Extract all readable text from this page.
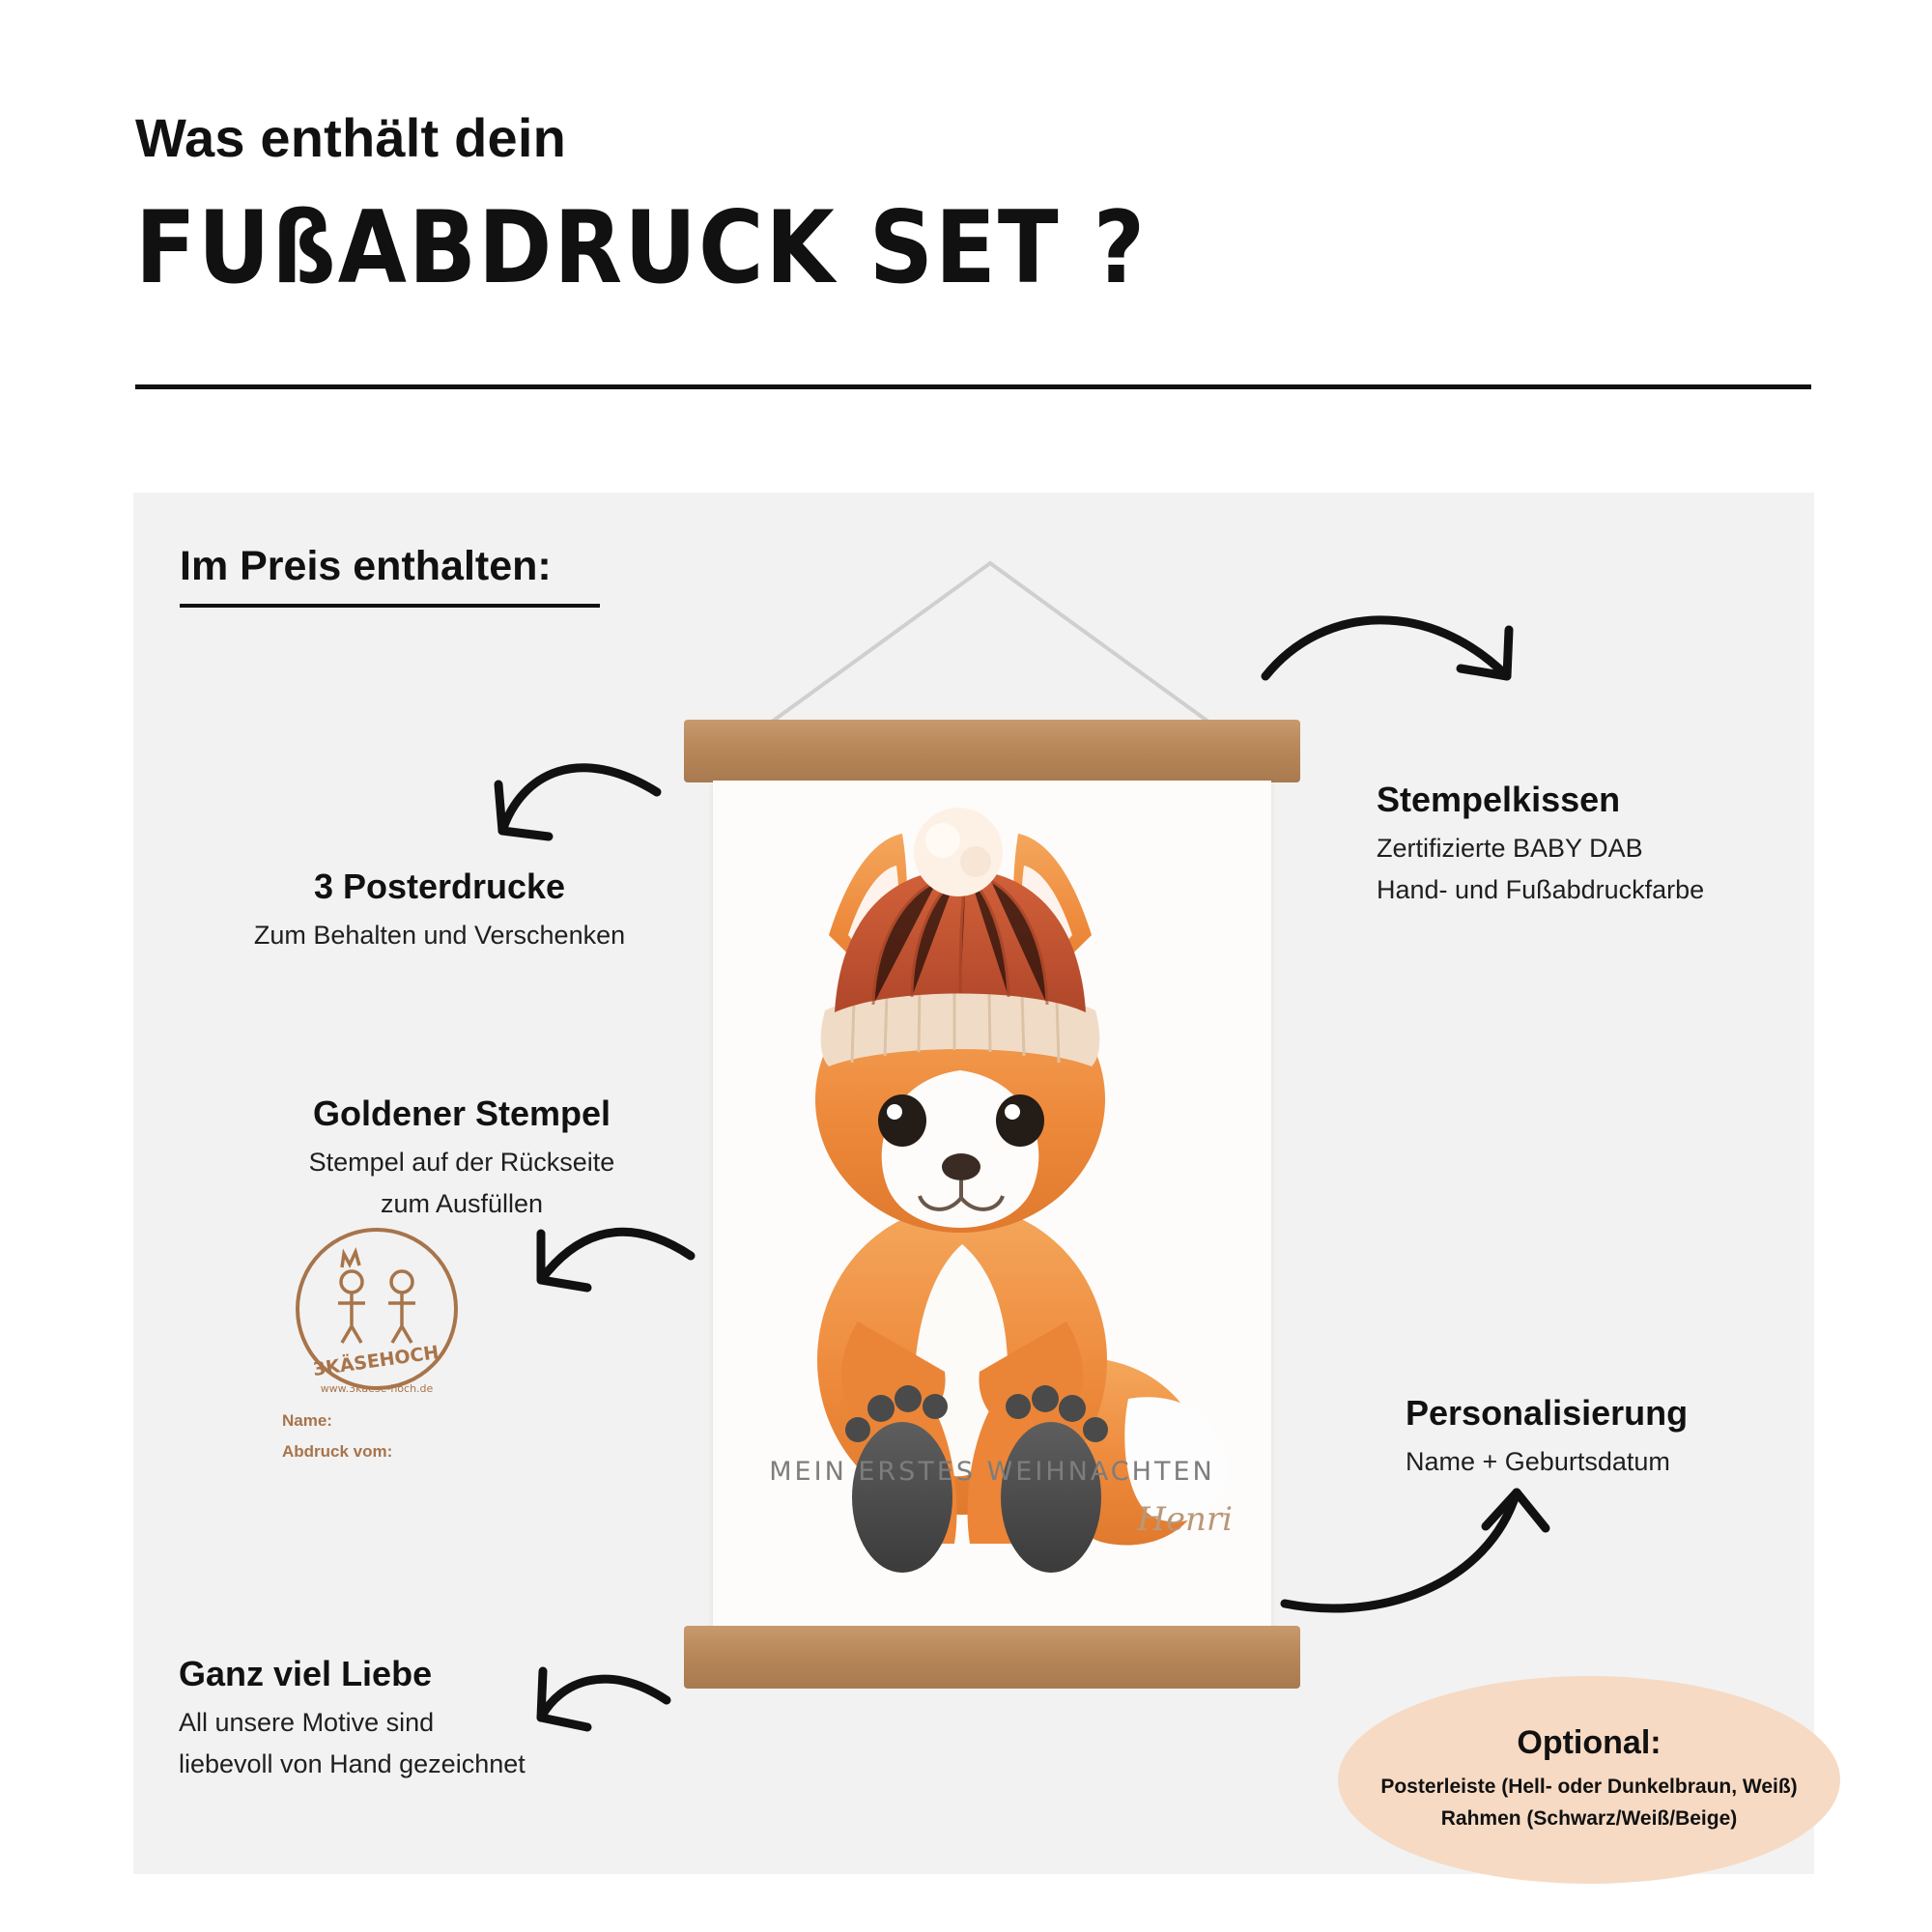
Was enthält dein
FUßABDRUCK SET ?
Im Preis enthalten:
MEIN ERSTES WEIHNACHTEN
Henri
3KÄSEHOCH
www.3kaese-hoch.de
Name:
Abdruck vom:
3 Posterdrucke
Zum Behalten und Verschenken
Goldener Stempel
Stempel auf der Rückseite
zum Ausfüllen
Ganz viel Liebe
All unsere Motive sind
liebevoll von Hand gezeichnet
Stempelkissen
Zertifizierte BABY DAB
Hand- und Fußabdruckfarbe
Personalisierung
Name + Geburtsdatum
Optional:
Posterleiste (Hell- oder Dunkelbraun, Weiß)
Rahmen (Schwarz/Weiß/Beige)
